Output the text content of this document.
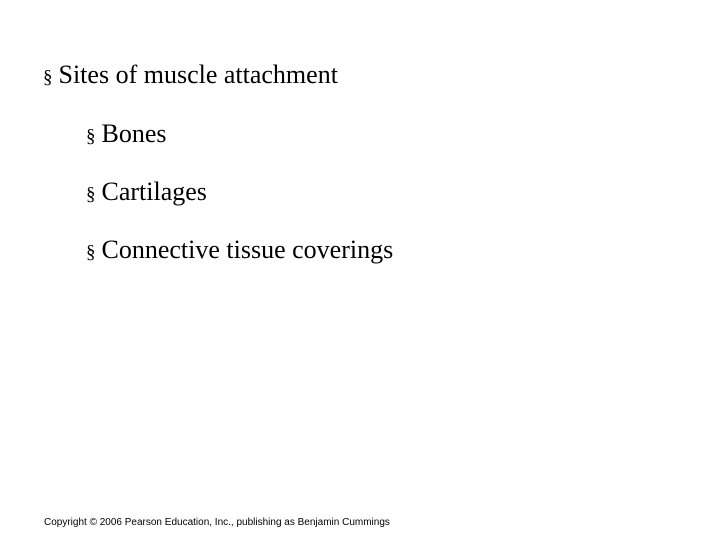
§ Sites of muscle attachment
§ Bones
§ Cartilages
§ Connective tissue coverings
Copyright © 2006 Pearson Education, Inc., publishing as Benjamin Cummings
